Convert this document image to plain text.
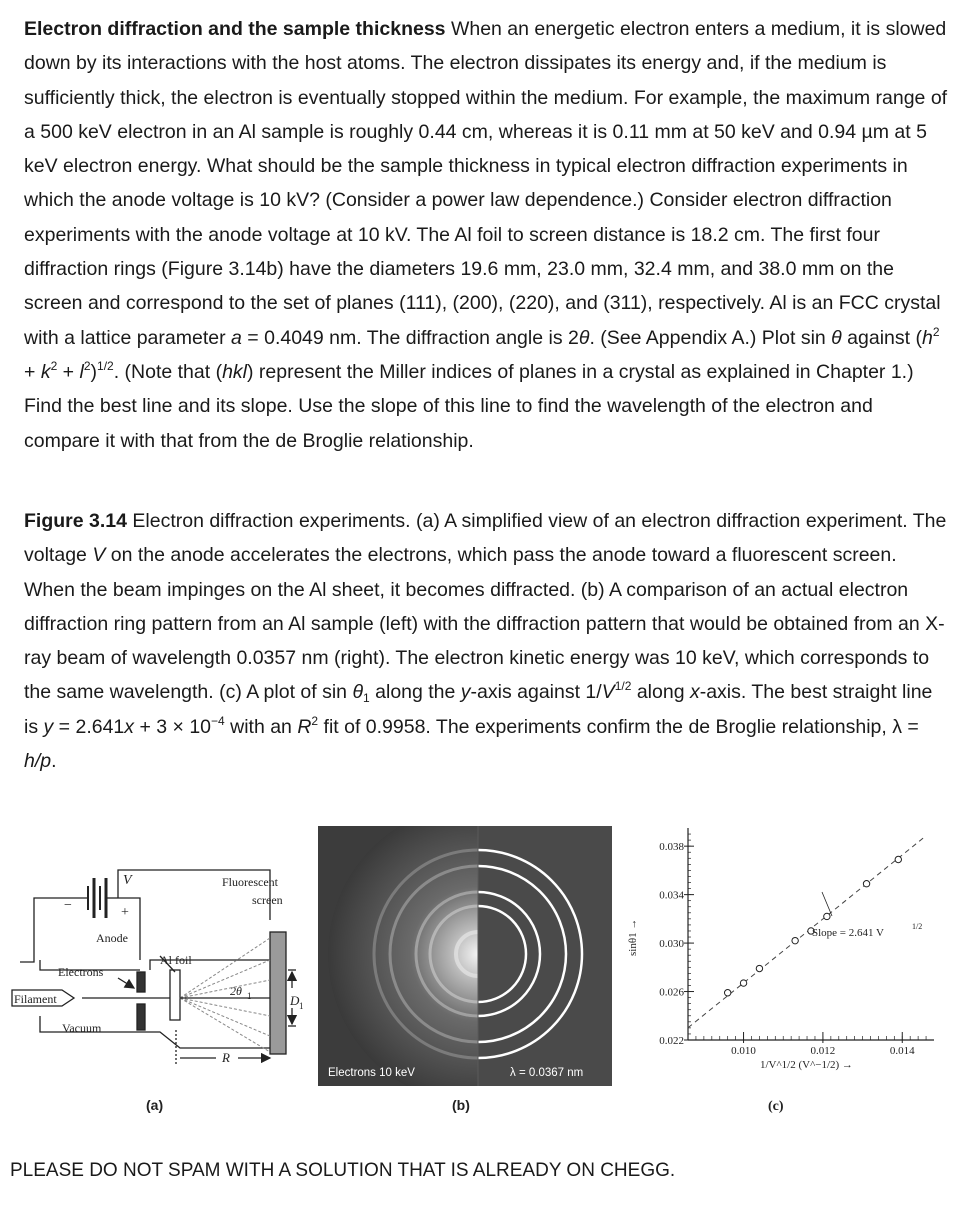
Electron diffraction and the sample thickness When an energetic electron enters a medium, it is slowed down by its interactions with the host atoms. The electron dissipates its energy and, if the medium is sufficiently thick, the electron is eventually stopped within the medium. For example, the maximum range of a 500 keV electron in an Al sample is roughly 0.44 cm, whereas it is 0.11 mm at 50 keV and 0.94 µm at 5 keV electron energy. What should be the sample thickness in typical electron diffraction experiments in which the anode voltage is 10 kV? (Consider a power law dependence.) Consider electron diffraction experiments with the anode voltage at 10 kV. The Al foil to screen distance is 18.2 cm. The first four diffraction rings (Figure 3.14b) have the diameters 19.6 mm, 23.0 mm, 32.4 mm, and 38.0 mm on the screen and correspond to the set of planes (111), (200), (220), and (311), respectively. Al is an FCC crystal with a lattice parameter a = 0.4049 nm. The diffraction angle is 2θ. (See Appendix A.) Plot sin θ against $(h^2 + k^2 + l^2)^{1/2}$. (Note that (hkl) represent the Miller indices of planes in a crystal as explained in Chapter 1.) Find the best line and its slope. Use the slope of this line to find the wavelength of the electron and compare it with that from the de Broglie relationship.

Figure 3.14 Electron diffraction experiments. (a) A simplified view of an electron diffraction experiment. The voltage V on the anode accelerates the electrons, which pass the anode toward a fluorescent screen. When the beam impinges on the Al sheet, it becomes diffracted. (b) A comparison of an actual electron diffraction ring pattern from an Al sample (left) with the diffraction pattern that would be obtained from an X-ray beam of wavelength 0.0357 nm (right). The electron kinetic energy was 10 keV, which corresponds to the same wavelength. (c) A plot of $\sin \theta_1$ along the y-axis against $1/V^{1/2}$ along x-axis. The best straight line is $y = 2.641x + 3 \times 10^{-4}$ with an $R^2$ fit of 0.9958. The experiments confirm the de Broglie relationship, λ = h/p.

V
+
−
Anode
Al foil
Fluorescent
screen
Electrons
Filament
Vacuum
2θ 1	D 1
R
(a)
Electrons 10 keV	λ = 0.0367 nm
(b)
0.022
0.026
0.030
0.034
0.038
0.010	0.012	0.014
Slope = 2.641 V
1/2
1/V^1/2 (V^−1/2) →
sinθ1 →
(c)

PLEASE DO NOT SPAM WITH A SOLUTION THAT IS ALREADY ON CHEGG.
